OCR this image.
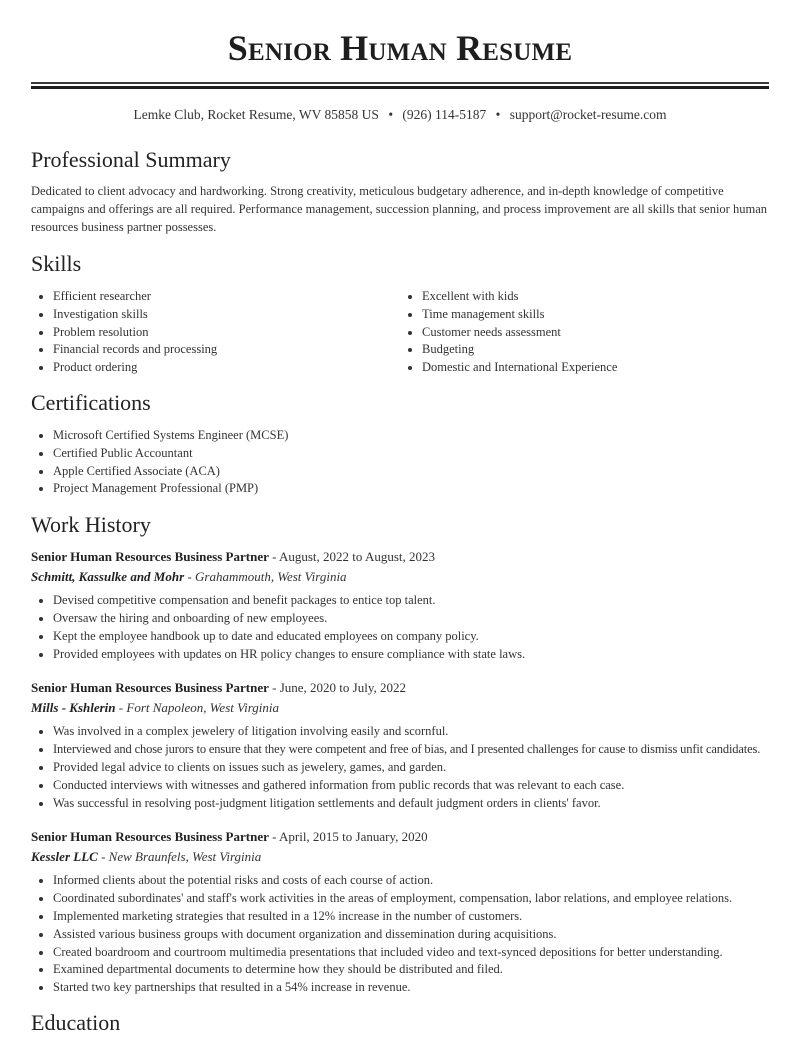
Senior Human Resume
Lemke Club, Rocket Resume, WV 85858 US • (926) 114-5187 • support@rocket-resume.com
Professional Summary

Dedicated to client advocacy and hardworking. Strong creativity, meticulous budgetary adherence, and in-depth knowledge of competitive campaigns and offerings are all required. Performance management, succession planning, and process improvement are all skills that senior human resources business partner possesses.

Skills
• Efficient researcher
• Investigation skills
• Problem resolution
• Financial records and processing
• Product ordering
• Excellent with kids
• Time management skills
• Customer needs assessment
• Budgeting
• Domestic and International Experience
Certifications
• Microsoft Certified Systems Engineer (MCSE)
• Certified Public Accountant
• Apple Certified Associate (ACA)
• Project Management Professional (PMP)
Work History
Senior Human Resources Business Partner - August, 2022 to August, 2023
Schmitt, Kassulke and Mohr - Grahammouth, West Virginia
• Devised competitive compensation and benefit packages to entice top talent.
• Oversaw the hiring and onboarding of new employees.
• Kept the employee handbook up to date and educated employees on company policy.
• Provided employees with updates on HR policy changes to ensure compliance with state laws.
Senior Human Resources Business Partner - June, 2020 to July, 2022
Mills - Kshlerin - Fort Napoleon, West Virginia
• Was involved in a complex jewelery of litigation involving easily and scornful.
• Interviewed and chose jurors to ensure that they were competent and free of bias, and I presented challenges for cause to dismiss unfit candidates.
• Provided legal advice to clients on issues such as jewelery, games, and garden.
• Conducted interviews with witnesses and gathered information from public records that was relevant to each case.
• Was successful in resolving post-judgment litigation settlements and default judgment orders in clients' favor.
Senior Human Resources Business Partner - April, 2015 to January, 2020
Kessler LLC - New Braunfels, West Virginia
• Informed clients about the potential risks and costs of each course of action.
• Coordinated subordinates' and staff's work activities in the areas of employment, compensation, labor relations, and employee relations.
• Implemented marketing strategies that resulted in a 12% increase in the number of customers.
• Assisted various business groups with document organization and dissemination during acquisitions.
• Created boardroom and courtroom multimedia presentations that included video and text-synced depositions for better understanding.
• Examined departmental documents to determine how they should be distributed and filed.
• Started two key partnerships that resulted in a 54% increase in revenue.
Education
